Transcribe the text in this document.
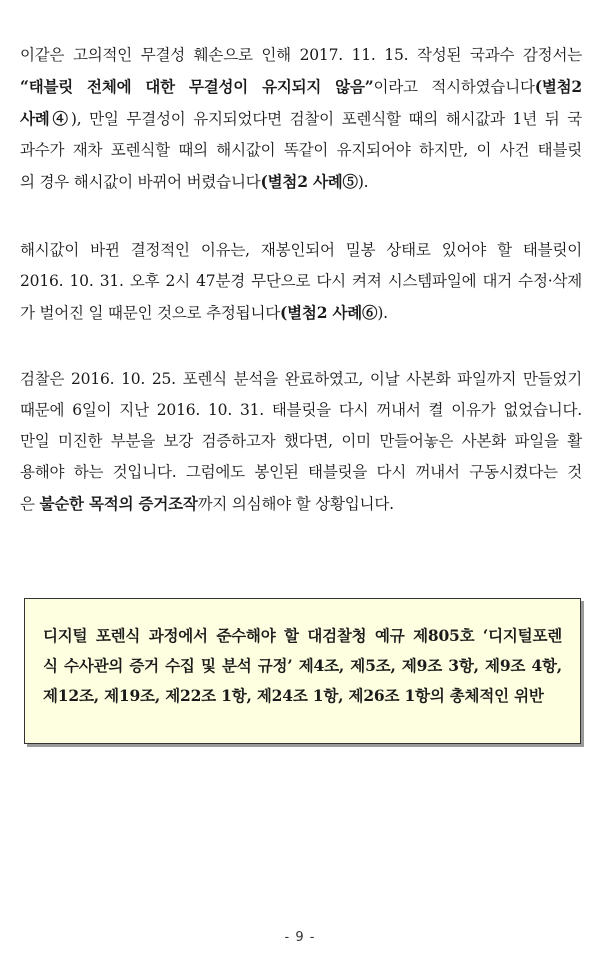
이같은 고의적인 무결성 훼손으로 인해 2017. 11. 15. 작성된 국과수 감정서는
“태블릿 전체에 대한 무결성이 유지되지 않음”이라고 적시하였습니다(별첨2
사례④), 만일 무결성이 유지되었다면 검찰이 포렌식할 때의 해시값과 1년 뒤 국
과수가 재차 포렌식할 때의 해시값이 똑같이 유지되어야 하지만, 이 사건 태블릿
의 경우 해시값이 바뀌어 버렸습니다(별첨2 사례⑤).

해시값이 바뀐 결정적인 이유는, 재봉인되어 밀봉 상태로 있어야 할 태블릿이
2016. 10. 31. 오후 2시 47분경 무단으로 다시 켜져 시스템파일에 대거 수정·삭제
가 벌어진 일 때문인 것으로 추정됩니다(별첨2 사례⑥).

검찰은 2016. 10. 25. 포렌식 분석을 완료하였고, 이날 사본화 파일까지 만들었기
때문에 6일이 지난 2016. 10. 31. 태블릿을 다시 꺼내서 켤 이유가 없었습니다.
만일 미진한 부분을 보강 검증하고자 했다면, 이미 만들어놓은 사본화 파일을 활
용해야 하는 것입니다. 그럼에도 봉인된 태블릿을 다시 꺼내서 구동시켰다는 것
은 불순한 목적의 증거조작까지 의심해야 할 상황입니다.

디지털 포렌식 과정에서 준수해야 할 대검찰청 예규 제805호 ‘디지털포렌
식 수사관의 증거 수집 및 분석 규정’ 제4조, 제5조, 제9조 3항, 제9조 4항,
제12조, 제19조, 제22조 1항, 제24조 1항, 제26조 1항의 총체적인 위반

- 9 -
